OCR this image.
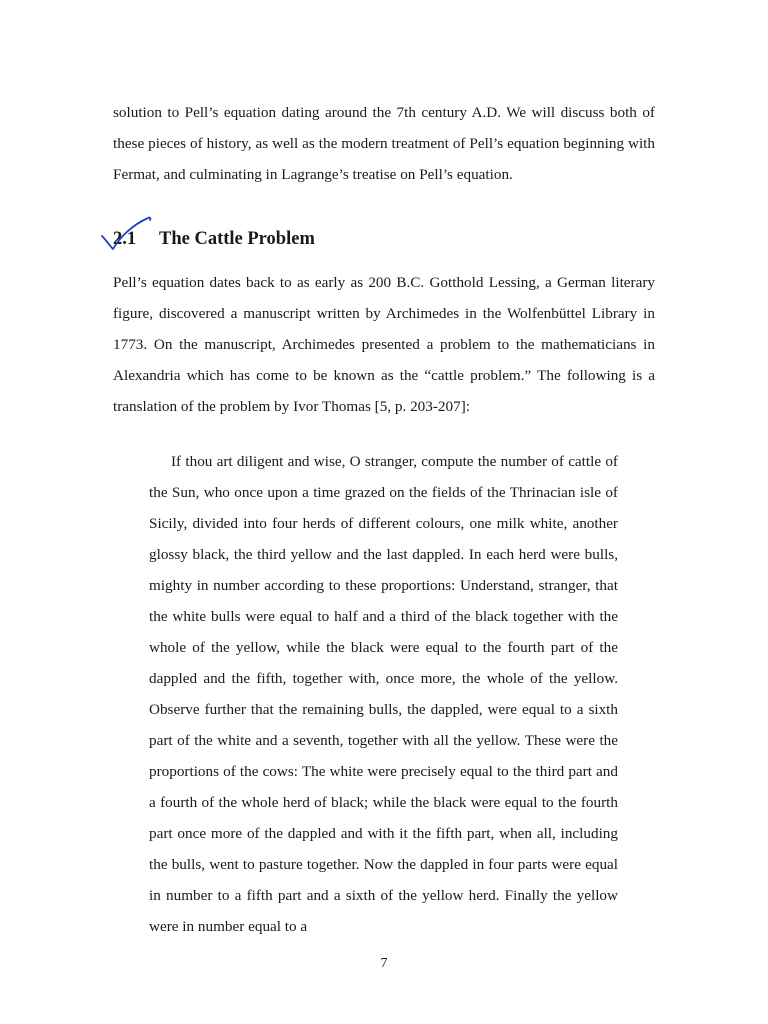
solution to Pell’s equation dating around the 7th century A.D. We will discuss both of these pieces of history, as well as the modern treatment of Pell’s equation beginning with Fermat, and culminating in Lagrange’s treatise on Pell’s equation.

2.1 The Cattle Problem

Pell’s equation dates back to as early as 200 B.C. Gotthold Lessing, a German literary figure, discovered a manuscript written by Archimedes in the Wolfenbüttel Library in 1773. On the manuscript, Archimedes presented a problem to the mathematicians in Alexandria which has come to be known as the “cattle problem.” The following is a translation of the problem by Ivor Thomas [5, p. 203-207]:

If thou art diligent and wise, O stranger, compute the number of cattle of the Sun, who once upon a time grazed on the fields of the Thrinacian isle of Sicily, divided into four herds of different colours, one milk white, another glossy black, the third yellow and the last dappled. In each herd were bulls, mighty in number according to these proportions: Understand, stranger, that the white bulls were equal to half and a third of the black together with the whole of the yellow, while the black were equal to the fourth part of the dappled and the fifth, together with, once more, the whole of the yellow. Observe further that the remaining bulls, the dappled, were equal to a sixth part of the white and a seventh, together with all the yellow. These were the proportions of the cows: The white were precisely equal to the third part and a fourth of the whole herd of black; while the black were equal to the fourth part once more of the dappled and with it the fifth part, when all, including the bulls, went to pasture together. Now the dappled in four parts were equal in number to a fifth part and a sixth of the yellow herd. Finally the yellow were in number equal to a
7
